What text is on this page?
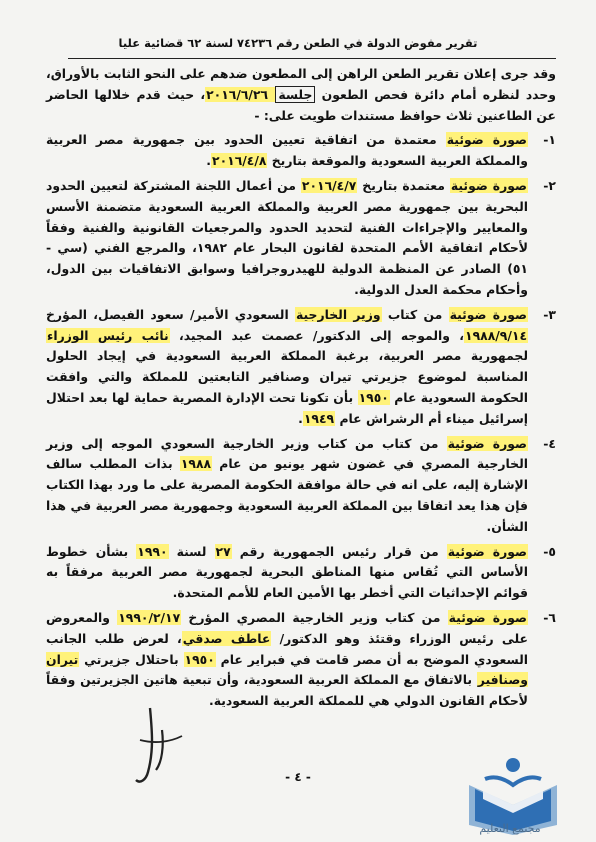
تقرير مفوض الدولة في الطعن رقم ٧٤٢٣٦ لسنة ٦٢ قضائية عليا

وقد جرى إعلان تقرير الطعن الراهن إلى المطعون ضدهم على النحو الثابت بالأوراق، وحدد لنظره أمام دائرة فحص الطعون جلسة ٢٠١٦/٦/٢٦، حيث قدم خلالها الحاضر عن الطاعنين ثلاث حوافظ مستندات طويت على: -

١-
صورة ضوئية معتمدة من اتفاقية تعيين الحدود بين جمهورية مصر العربية والمملكة العربية السعودية والموقعة بتاريخ ٢٠١٦/٤/٨.
٢-
صورة ضوئية معتمدة بتاريخ ٢٠١٦/٤/٧ من أعمال اللجنة المشتركة لتعيين الحدود البحرية بين جمهورية مصر العربية والمملكة العربية السعودية متضمنة الأسس والمعايير والإجراءات الفنية لتحديد الحدود والمرجعيات القانونية والفنية وفقاً لأحكام اتفاقية الأمم المتحدة لقانون البحار عام ١٩٨٢، والمرجع الفني (سي - ٥١) الصادر عن المنظمة الدولية للهيدروجرافيا وسوابق الاتفاقيات بين الدول، وأحكام محكمة العدل الدولية.
٣-
صورة ضوئية من كتاب وزير الخارجية السعودي الأمير/ سعود الفيصل، المؤرخ ١٩٨٨/٩/١٤، والموجه إلى الدكتور/ عصمت عبد المجيد، نائب رئيس الوزراء لجمهورية مصر العربية، برغبة المملكة العربية السعودية في إيجاد الحلول المناسبة لموضوع جزيرتي تيران وصنافير التابعتين للمملكة والتي وافقت الحكومة السعودية عام ١٩٥٠ بأن تكونا تحت الإدارة المصرية حماية لها بعد احتلال إسرائيل ميناء أم الرشراش عام ١٩٤٩.
٤-
صورة ضوئية من كتاب من كتاب وزير الخارجية السعودي الموجه إلى وزير الخارجية المصري في غضون شهر يونيو من عام ١٩٨٨ بذات المطلب سالف الإشارة إليه، على انه في حالة موافقة الحكومة المصرية على ما ورد بهذا الكتاب فإن هذا يعد اتفاقا بين المملكة العربية السعودية وجمهورية مصر العربية في هذا الشأن.
٥-
صورة ضوئية من قرار رئيس الجمهورية رقم ٢٧ لسنة ١٩٩٠ بشأن خطوط الأساس التي تُقاس منها المناطق البحرية لجمهورية مصر العربية مرفقاً به قوائم الإحداثيات التي أخطر بها الأمين العام للأمم المتحدة.
٦-
صورة ضوئية من كتاب وزير الخارجية المصري المؤرخ ١٩٩٠/٢/١٧ والمعروض على رئيس الوزراء وقتئذ وهو الدكتور/ عاطف صدقي، لعرض طلب الجانب السعودي الموضح به أن مصر قامت في فبراير عام ١٩٥٠ باحتلال جزيرتي تيران وصنافير بالاتفاق مع المملكة العربية السعودية، وأن تبعية هاتين الجزيرتين وفقاً لأحكام القانون الدولي هي للمملكة العربية السعودية.
- ٤ -
مجتمع التعليم
